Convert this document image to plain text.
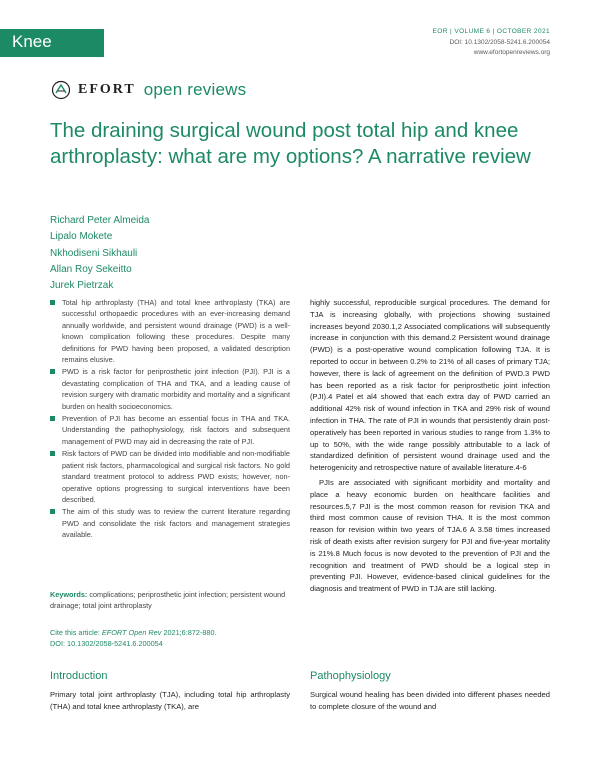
Knee
EOR | VOLUME 6 | OCTOBER 2021
DOI: 10.1302/2058-5241.6.200054
www.efortopenreviews.org
EFORT open reviews
The draining surgical wound post total hip and knee arthroplasty: what are my options? A narrative review
Richard Peter Almeida
Lipalo Mokete
Nkhodiseni Sikhauli
Allan Roy Sekeitto
Jurek Pietrzak
Total hip arthroplasty (THA) and total knee arthroplasty (TKA) are successful orthopaedic procedures with an ever-increasing demand annually worldwide, and persistent wound drainage (PWD) is a well-known complication following these procedures. Despite many definitions for PWD having been proposed, a validated description remains elusive.
PWD is a risk factor for periprosthetic joint infection (PJI). PJI is a devastating complication of THA and TKA, and a leading cause of revision surgery with dramatic morbidity and mortality and a significant burden on health socioeconomics.
Prevention of PJI has become an essential focus in THA and TKA. Understanding the pathophysiology, risk factors and subsequent management of PWD may aid in decreasing the rate of PJI.
Risk factors of PWD can be divided into modifiable and non-modifiable patient risk factors, pharmacological and surgical risk factors. No gold standard treatment protocol to address PWD exists; however, non-operative options progressing to surgical interventions have been described.
The aim of this study was to review the current literature regarding PWD and consolidate the risk factors and management strategies available.
Keywords: complications; periprosthetic joint infection; persistent wound drainage; total joint arthroplasty
Cite this article: EFORT Open Rev 2021;6:872-880.
DOI: 10.1302/2058-5241.6.200054
Introduction

Primary total joint arthroplasty (TJA), including total hip arthroplasty (THA) and total knee arthroplasty (TKA), are

highly successful, reproducible surgical procedures. The demand for TJA is increasing globally, with projections showing sustained increases beyond 2030.1,2 Associated complications will subsequently increase in conjunction with this demand.2 Persistent wound drainage (PWD) is a post-operative wound complication following TJA. It is reported to occur in between 0.2% to 21% of all cases of primary TJA; however, there is lack of agreement on the definition of PWD.3 PWD has been reported as a risk factor for periprosthetic joint infection (PJI).4 Patel et al4 showed that each extra day of PWD carried an additional 42% risk of wound infection in TKA and 29% risk of wound infection in THA. The rate of PJI in wounds that persistently drain post-operatively has been reported in various studies to range from 1.3% to up to 50%, with the wide range possibly attributable to a lack of standardized definition of persistent wound drainage used and the heterogenicity and retrospective nature of available literature.4-6

PJIs are associated with significant morbidity and mortality and place a heavy economic burden on healthcare facilities and resources.5,7 PJI is the most common reason for revision TKA and third most common cause of revision THA. It is the most common reason for revision within two years of TJA.6 A 3.58 times increased risk of death exists after revision surgery for PJI and five-year mortality is 21%.8 Much focus is now devoted to the prevention of PJI and the recognition and treatment of PWD should be a logical step in preventing PJI. However, evidence-based clinical guidelines for the diagnosis and treatment of PWD in TJA are still lacking.

Pathophysiology

Surgical wound healing has been divided into different phases needed to complete closure of the wound and
